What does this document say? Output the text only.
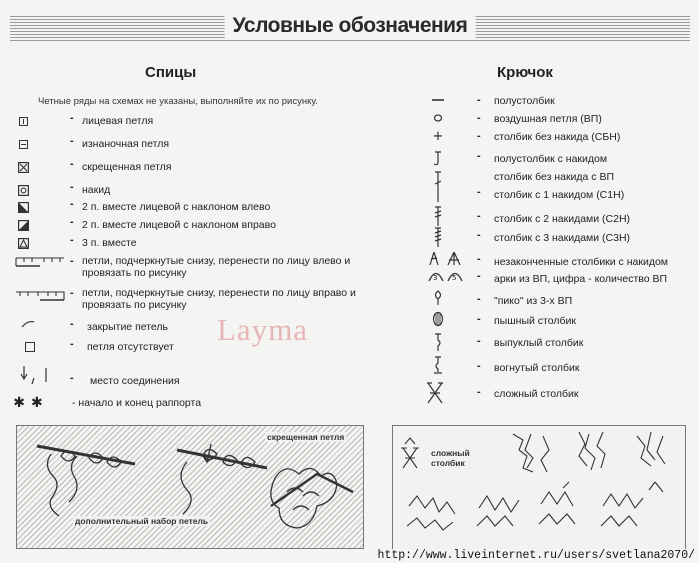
Условные обозначения
Спицы	Крючок
Четные ряды на схемах не указаны, выполняйте их по рисунку.
- лицевая петля
- изнаночная петля
- скрещенная петля
- накид
- 2 п. вместе лицевой с наклоном влево
- 2 п. вместе лицевой с наклоном вправо
- 3 п. вместе
- петли, подчеркнутые снизу, перенести по лицу влево и провязать по рисунку
- петли, подчеркнутые снизу, перенести по лицу вправо и провязать по рисунку
- закрытие петель
- петля отсутствует
- место соединения
✱✱ - начало и конец раппорта
Layma
- полустолбик
- воздушная петля (ВП)
+	- столбик без накида (СБН)
- полустолбик с накидом
столбик без накида с ВП
- столбик с 1 накидом (С1Н)
- столбик с 2 накидами (С2Н)
- столбик с 3 накидами (С3Н)
- незаконченные столбики с накидом
3 5 - арки из ВП, цифра - количество ВП
- "пико" из 3-х ВП
- пышный столбик
- выпуклый столбик
- вогнутый столбик
- сложный столбик
скрещенная петля
дополнительный набор петель
сложный столбик
http://www.liveinternet.ru/users/svetlana2070/
